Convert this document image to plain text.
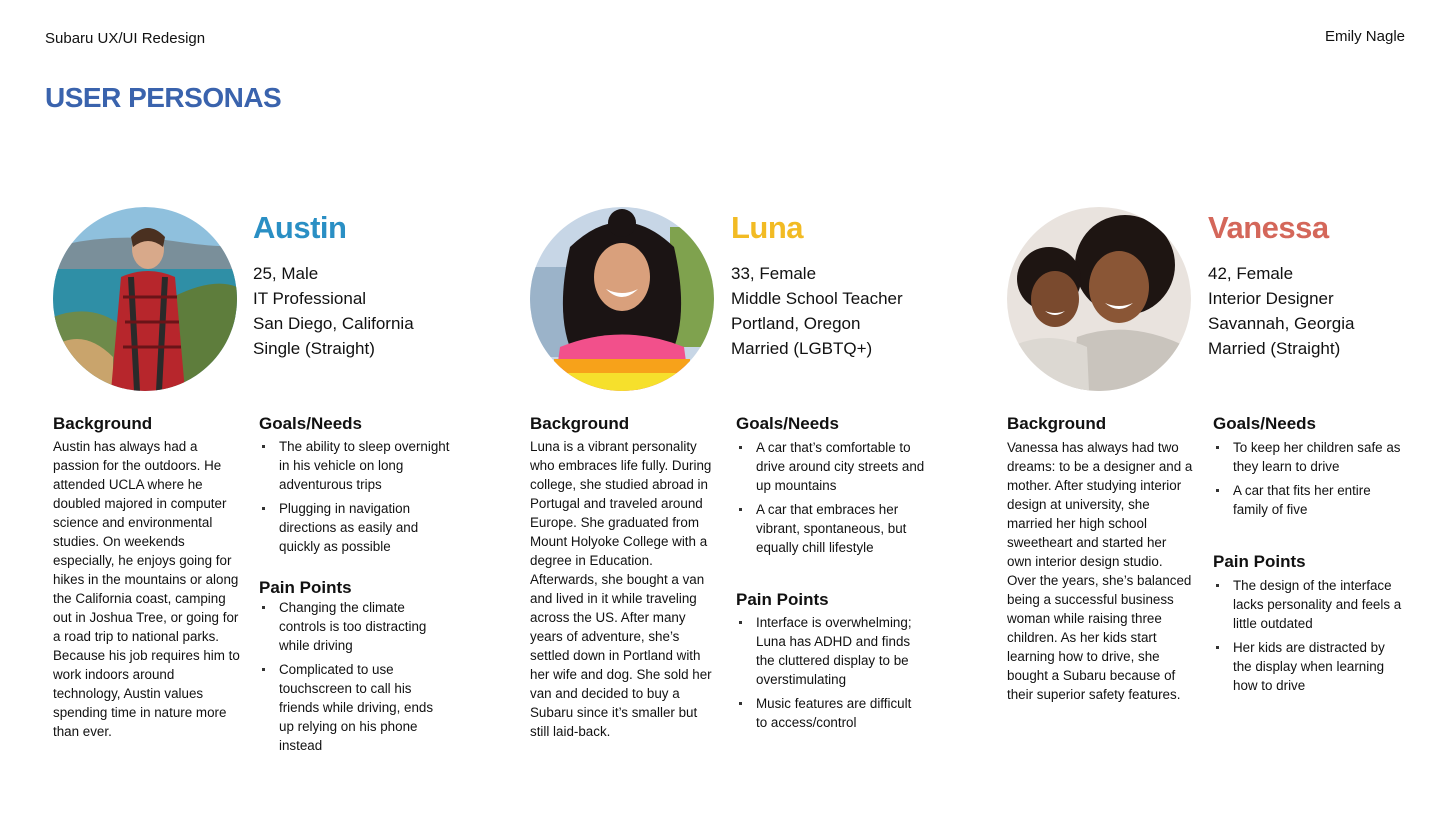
Subaru UX/UI Redesign	Emily Nagle
USER PERSONAS
Austin
25, Male
IT Professional
San Diego, California
Single (Straight)
Background
Austin has always had a passion for the outdoors. He attended UCLA where he doubled majored in computer science and environmental studies. On weekends especially, he enjoys going for hikes in the mountains or along the California coast, camping out in Joshua Tree, or going for a road trip to national parks. Because his job requires him to work indoors around technology, Austin values spending time in nature more than ever.
Goals/Needs
The ability to sleep overnight in his vehicle on long adventurous trips
Plugging in navigation directions as easily and quickly as possible
Pain Points
Changing the climate controls is too distracting while driving
Complicated to use touchscreen to call his friends while driving, ends up relying on his phone instead
Luna
33, Female
Middle School Teacher
Portland, Oregon
Married (LGBTQ+)
Background
Luna is a vibrant personality who embraces life fully. During college, she studied abroad in Portugal and traveled around Europe. She graduated from Mount Holyoke College with a degree in Education. Afterwards, she bought a van and lived in it while traveling across the US. After many years of adventure, she’s settled down in Portland with her wife and dog. She sold her van and decided to buy a Subaru since it’s smaller but still laid-back.
Goals/Needs
A car that’s comfortable to drive around city streets and up mountains
A car that embraces her vibrant, spontaneous, but equally chill lifestyle
Pain Points
Interface is overwhelming; Luna has ADHD and finds the cluttered display to be overstimulating
Music features are difficult to access/control
Vanessa
42, Female
Interior Designer
Savannah, Georgia
Married (Straight)
Background
Vanessa has always had two dreams: to be a designer and a mother. After studying interior design at university, she married her high school sweetheart and started her own interior design studio. Over the years, she’s balanced being a successful business woman while raising three children. As her kids start learning how to drive, she bought a Subaru because of their superior safety features.
Goals/Needs
To keep her children safe as they learn to drive
A car that fits her entire family of five
Pain Points
The design of the interface lacks personality and feels a little outdated
Her kids are distracted by the display when learning how to drive
